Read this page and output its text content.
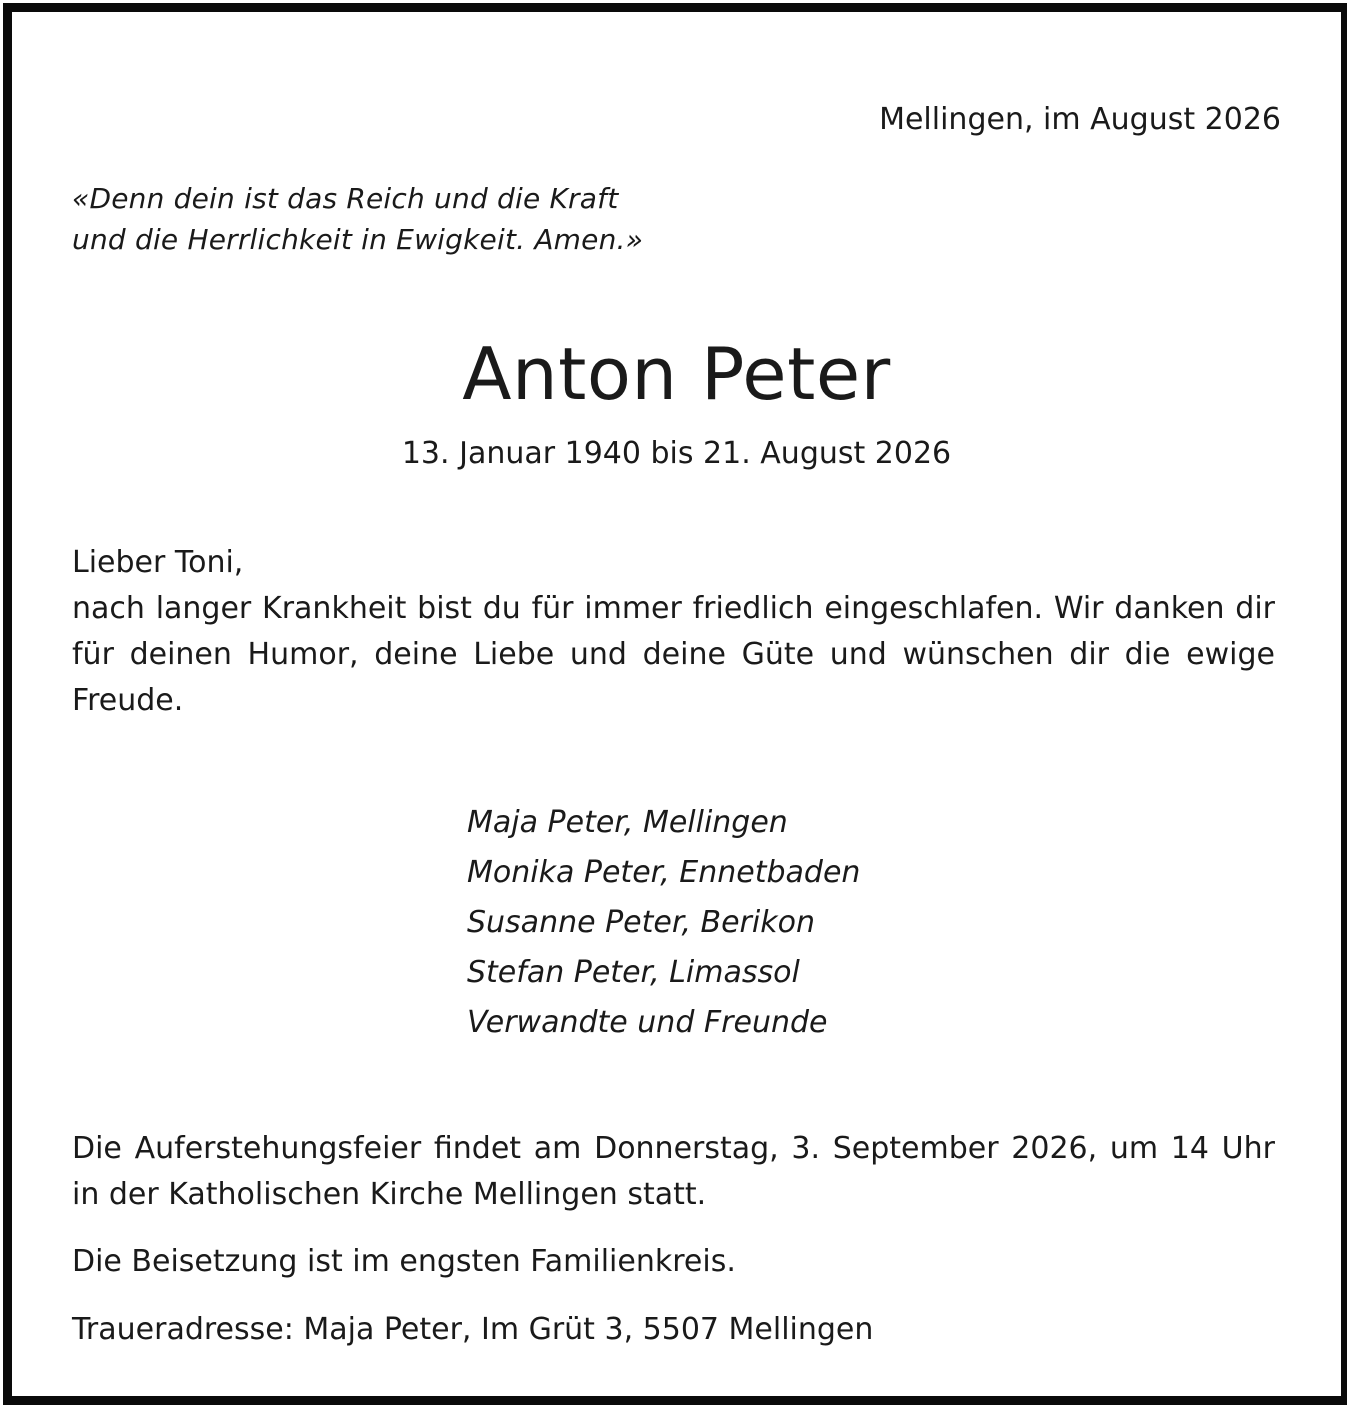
Mellingen, im August 2026
«Denn dein ist das Reich und die Kraft
und die Herrlichkeit in Ewigkeit. Amen.»
Anton Peter
13. Januar 1940 bis 21. August 2026
Lieber Toni,
nach langer Krankheit bist du für immer friedlich eingeschlafen. Wir danken dir
für deinen Humor, deine Liebe und deine Güte und wünschen dir die ewige
Freude.
Maja Peter, Mellingen
Monika Peter, Ennetbaden
Susanne Peter, Berikon
Stefan Peter, Limassol
Verwandte und Freunde
Die Auferstehungsfeier findet am Donnerstag, 3. September 2026, um 14 Uhr
in der Katholischen Kirche Mellingen statt.
Die Beisetzung ist im engsten Familienkreis.
Traueradresse: Maja Peter, Im Grüt 3, 5507 Mellingen
